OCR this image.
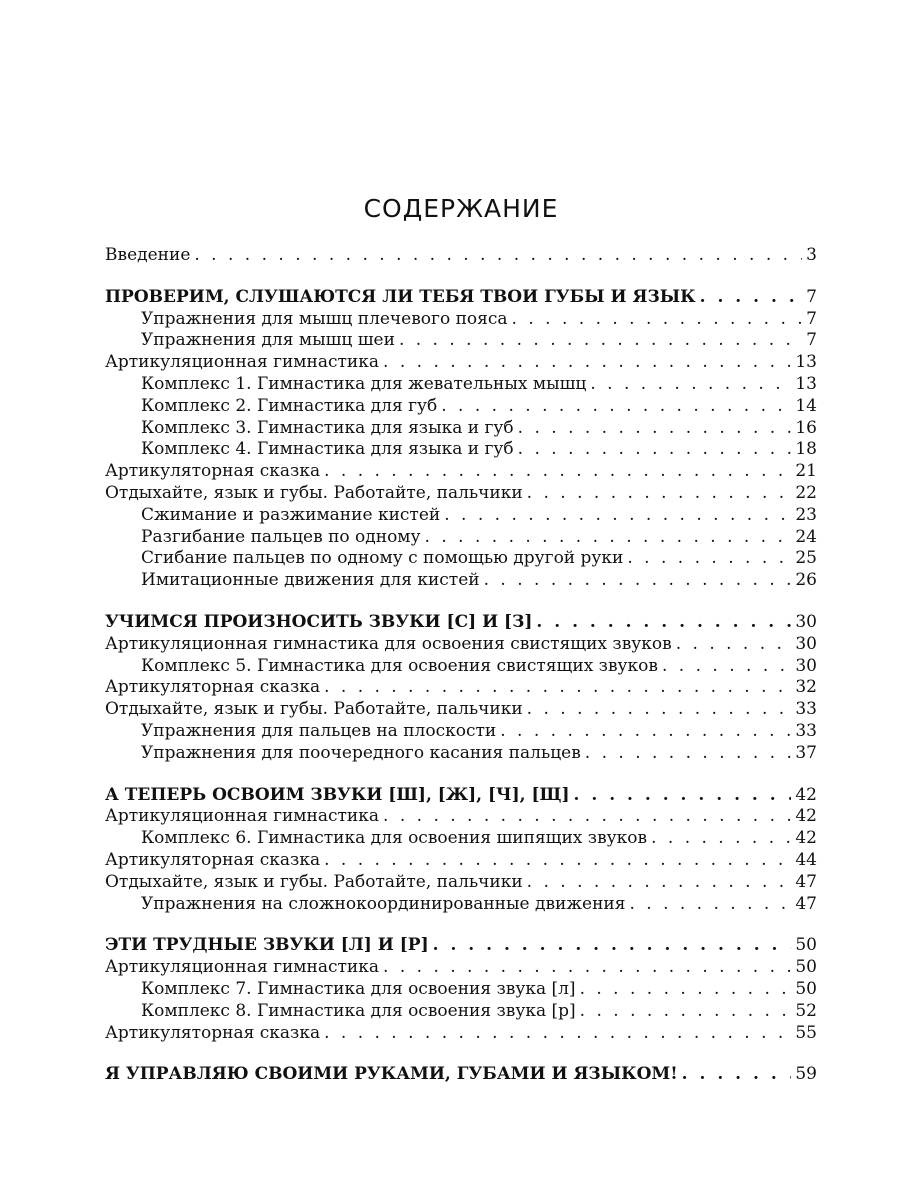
СОДЕРЖАНИЕ
Введение . . .	3
ПРОВЕРИМ, СЛУШАЮТСЯ ЛИ ТЕБЯ ТВОИ ГУБЫ И ЯЗЫК . . .	7
Упражнения для мышц плечевого пояса . . .	7
Упражнения для мышц шеи . . .	7
Артикуляционная гимнастика . . .	13
Комплекс 1. Гимнастика для жевательных мышц . . .	13
Комплекс 2. Гимнастика для губ . . .	14
Комплекс 3. Гимнастика для языка и губ . . .	16
Комплекс 4. Гимнастика для языка и губ . . .	18
Артикуляторная сказка . . .	21
Отдыхайте, язык и губы. Работайте, пальчики . . .	22
Сжимание и разжимание кистей . . .	23
Разгибание пальцев по одному . . .	24
Сгибание пальцев по одному с помощью другой руки . . .	25
Имитационные движения для кистей . . .	26
УЧИМСЯ ПРОИЗНОСИТЬ ЗВУКИ [С] И [З] . . .	30
Артикуляционная гимнастика для освоения свистящих звуков . . .	30
Комплекс 5. Гимнастика для освоения свистящих звуков . . .	30
Артикуляторная сказка . . .	32
Отдыхайте, язык и губы. Работайте, пальчики . . .	33
Упражнения для пальцев на плоскости . . .	33
Упражнения для поочередного касания пальцев . . .	37
А ТЕПЕРЬ ОСВОИМ ЗВУКИ [Ш], [Ж], [Ч], [Щ] . . .	42
Артикуляционная гимнастика . . .	42
Комплекс 6. Гимнастика для освоения шипящих звуков . . .	42
Артикуляторная сказка . . .	44
Отдыхайте, язык и губы. Работайте, пальчики . . .	47
Упражнения на сложнокоординированные движения . . .	47
ЭТИ ТРУДНЫЕ ЗВУКИ [Л] И [Р] . . .	50
Артикуляционная гимнастика . . .	50
Комплекс 7. Гимнастика для освоения звука [л] . . .	50
Комплекс 8. Гимнастика для освоения звука [р] . . .	52
Артикуляторная сказка . . .	55
Я УПРАВЛЯЮ СВОИМИ РУКАМИ, ГУБАМИ И ЯЗЫКОМ! . . .	59
